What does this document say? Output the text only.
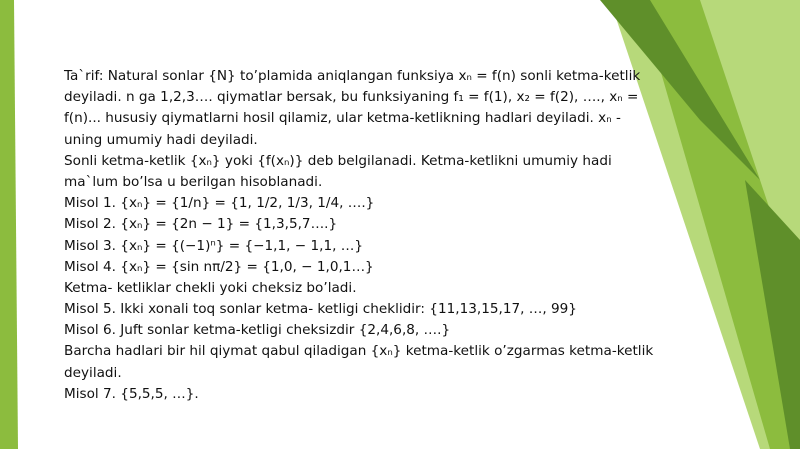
Ta`rif: Natural sonlar {N} to’plamida aniqlangan funksiya xₙ = f(n) sonli ketma-ketlik
deyiladi. n ga 1,2,3…. qiymatlar bersak, bu funksiyaning f₁ = f(1), x₂ = f(2), …., xₙ =
f(n)... hususiy qiymatlarni hosil qilamiz, ular ketma-ketlikning hadlari deyiladi. xₙ -
uning umumiy hadi deyiladi.
Sonli ketma-ketlik {xₙ} yoki {f(xₙ)} deb belgilanadi. Ketma-ketlikni umumiy hadi
ma`lum bo’lsa u berilgan hisoblanadi.
Misol 1. {xₙ} = {1/n} = {1, 1/2, 1/3, 1/4, ….}
Misol 2. {xₙ} = {2n − 1} = {1,3,5,7….}
Misol 3. {xₙ} = {(−1)ⁿ} = {−1,1, − 1,1, …}
Misol 4. {xₙ} = {sin nπ/2} = {1,0, − 1,0,1…}
Ketma- ketliklar chekli yoki cheksiz bo’ladi.
Misol 5. Ikki xonali toq sonlar ketma- ketligi cheklidir: {11,13,15,17, …, 99}
Misol 6. Juft sonlar ketma-ketligi cheksizdir {2,4,6,8, ….}
Barcha hadlari bir hil qiymat qabul qiladigan {xₙ} ketma-ketlik o’zgarmas ketma-ketlik
deyiladi.
Misol 7. {5,5,5, …}.
